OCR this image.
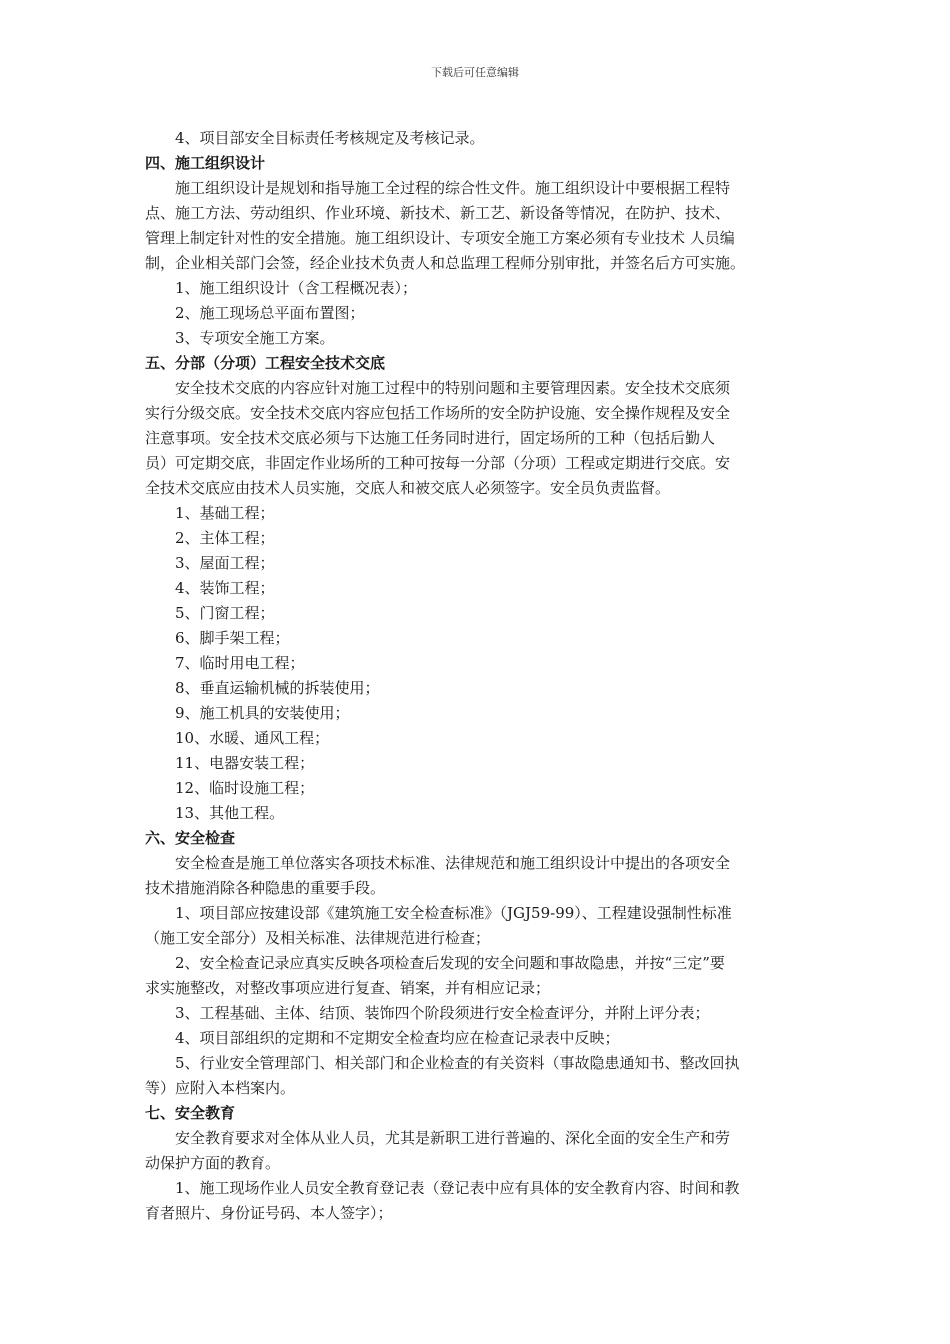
下载后可任意编辑

4、项目部安全目标责任考核规定及考核记录。

四、施工组织设计

施工组织设计是规划和指导施工全过程的综合性文件。施工组织设计中要根据工程特

点、施工方法、劳动组织、作业环境、新技术、新工艺、新设备等情况，在防护、技术、

管理上制定针对性的安全措施。施工组织设计、专项安全施工方案必须有专业技术 人员编

制，企业相关部门会签，经企业技术负责人和总监理工程师分别审批，并签名后方可实施。

1、施工组织设计（含工程概况表）；

2、施工现场总平面布置图；

3、专项安全施工方案。

五、分部（分项）工程安全技术交底

安全技术交底的内容应针对施工过程中的特别问题和主要管理因素。安全技术交底须

实行分级交底。安全技术交底内容应包括工作场所的安全防护设施、安全操作规程及安全

注意事项。安全技术交底必须与下达施工任务同时进行，固定场所的工种（包括后勤人

员）可定期交底，非固定作业场所的工种可按每一分部（分项）工程或定期进行交底。安

全技术交底应由技术人员实施，交底人和被交底人必须签字。安全员负责监督。

1、基础工程；

2、主体工程；

3、屋面工程；

4、装饰工程；

5、门窗工程；

6、脚手架工程；

7、临时用电工程；

8、垂直运输机械的拆装使用；

9、施工机具的安装使用；

10、水暖、通风工程；

11、电器安装工程；

12、临时设施工程；

13、其他工程。

六、安全检查

安全检查是施工单位落实各项技术标准、法律规范和施工组织设计中提出的各项安全

技术措施消除各种隐患的重要手段。

1、项目部应按建设部《建筑施工安全检查标准》（JGJ59-99）、工程建设强制性标准

（施工安全部分）及相关标准、法律规范进行检查；

2、安全检查记录应真实反映各项检查后发现的安全问题和事故隐患，并按“三定”要

求实施整改，对整改事项应进行复查、销案，并有相应记录；

3、工程基础、主体、结顶、装饰四个阶段须进行安全检查评分，并附上评分表；

4、项目部组织的定期和不定期安全检查均应在检查记录表中反映；

5、行业安全管理部门、相关部门和企业检查的有关资料（事故隐患通知书、整改回执

等）应附入本档案内。

七、安全教育

安全教育要求对全体从业人员，尤其是新职工进行普遍的、深化全面的安全生产和劳

动保护方面的教育。

1、施工现场作业人员安全教育登记表（登记表中应有具体的安全教育内容、时间和教

育者照片、身份证号码、本人签字）；
